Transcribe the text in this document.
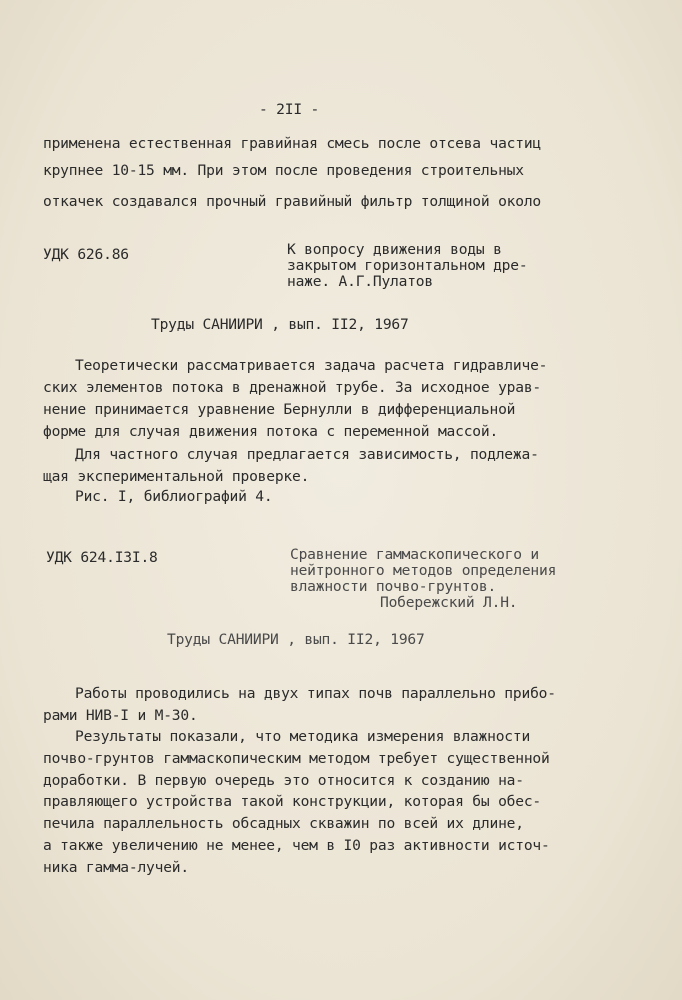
- 2II -
применена естественная гравийная смесь после отсева частиц
крупнее 10-15 мм. При этом после проведения строительных
откачек создавался прочный гравийный фильтр толщиной около
УДК 626.86	К вопросу движения воды в
закрытом горизонтальном дре-
наже. А.Г.Пулатов
Труды САНИИРИ , вып. II2, 1967
Теоретически рассматривается задача расчета гидравличе-
ских элементов потока в дренажной трубе. За исходное урав-
нение принимается уравнение Бернулли в дифференциальной
форме для случая движения потока с переменной массой.
Для частного случая предлагается зависимость, подлежа-
щая экспериментальной проверке.
Рис. I, библиографий 4.
УДК 624.I3I.8	Сравнение гаммаскопического и
нейтронного методов определения
влажности почво-грунтов.
Побережский Л.Н.
Труды САНИИРИ , вып. II2, 1967
Работы проводились на двух типах почв параллельно прибо-
рами НИВ-I и М-30.
Результаты показали, что методика измерения влажности
почво-грунтов гаммаскопическим методом требует существенной
доработки. В первую очередь это относится к созданию на-
правляющего устройства такой конструкции, которая бы обес-
печила параллельность обсадных скважин по всей их длине,
а также увеличению не менее, чем в I0 раз активности источ-
ника гамма-лучей.
